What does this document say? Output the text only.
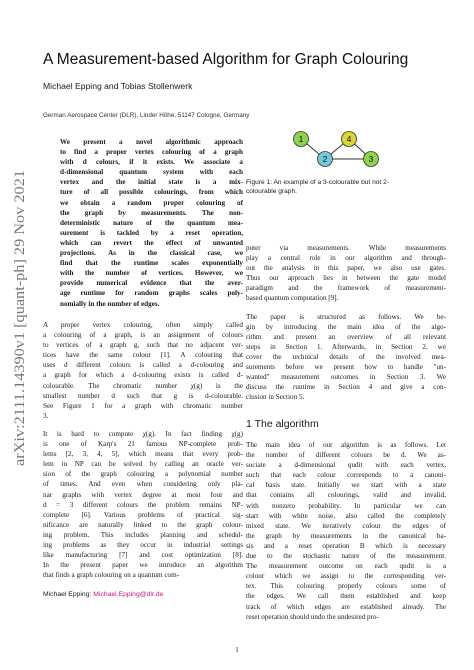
arXiv:2111.14390v1 [quant-ph] 29 Nov 2021
A Measurement-based Algorithm for Graph Colouring
Michael Epping and Tobias Stollenwerk
German Aerospace Center (DLR), Linder Höhe, 51147 Cologne, Germany
We present a novel algorithmic approach
to find a proper vertex colouring of a graph
with d colours, if it exists. We associate a
d-dimensional quantum system with each
vertex and the initial state is a mix-
ture of all possible colourings, from which
we obtain a random proper colouring of
the graph by measurements. The non-
deterministic nature of the quantum mea-
surement is tackled by a reset operation,
which can revert the effect of unwanted
projections. As in the classical case, we
find that the runtime scales exponentially
with the number of vertices. However, we
provide numerical evidence that the aver-
age runtime for random graphs scales poly-
nomially in the number of edges.
A proper vertex colouring, often simply called
a colouring of a graph, is an assignment of colours
to vertices of a graph g, such that no adjacent ver-
tices have the same colour [1]. A colouring that
uses d different colours is called a d-colouring and
a graph for which a d-colouring exists is called d-
colourable. The chromatic number χ(g) is the
smallest number d such that g is d-colourable.
See Figure 1 for a graph with chromatic number
3.
It is hard to compute χ(g). In fact finding χ(g)
is one of Karp's 21 famous NP-complete prob-
lems [2, 3, 4, 5], which means that every prob-
lem in NP can be solved by calling an oracle ver-
sion of the graph colouring a polynomial number
of times. And even when considering only pla-
nar graphs with vertex degree at most four and
d = 3 different colours the problem remains NP-
complete [6]. Various problems of practical sig-
nificance are naturally linked to the graph colour-
ing problem. This includes planning and schedul-
ing problems as they occur in industrial settings
like manufacturing [7] and cost optimization [8].
In the present paper we introduce an algorithm
that finds a graph colouring on a quantum com-
1	4
2	3
Figure 1: An example of a 3-colourable but not 2-
colourable graph.
puter via measurements. While measurements
play a central role in our algorithm and through-
out the analysis in this paper, we also use gates.
Thus our approach lies in between the gate model
paradigm and the framework of measurement-
based quantum computation [9].
The paper is structured as follows. We be-
gin by introducing the main idea of the algo-
rithm and present an overview of all relevant
steps in Section 1. Afterwards, in Section 2, we
cover the technical details of the involved mea-
surements before we present how to handle "un-
wanted" measurement outcomes in Section 3. We
discuss the runtime in Section 4 and give a con-
clusion in Section 5.
1 The algorithm
The main idea of our algorithm is as follows. Let
the number of different colours be d. We as-
sociate a d-dimensional qudit with each vertex,
such that each colour corresponds to a canoni-
cal basis state. Initially we start with a state
that contains all colourings, valid and invalid,
with nonzero probability. In particular we can
start with white noise, also called the completely
mixed state. We iteratively colour the edges of
the graph by measurements in the canonical ba-
sis and a reset operation B which is necessary
due to the stochastic nature of the measurement.
The measurement outcome on each qudit is a
colour which we assign to the corresponding ver-
tex. This colouring properly colours some of
the edges. We call them established and keep
track of which edges are established already. The
reset operation should undo the undesired pro-
Michael Epping: Michael.Epping@dlr.de
1
